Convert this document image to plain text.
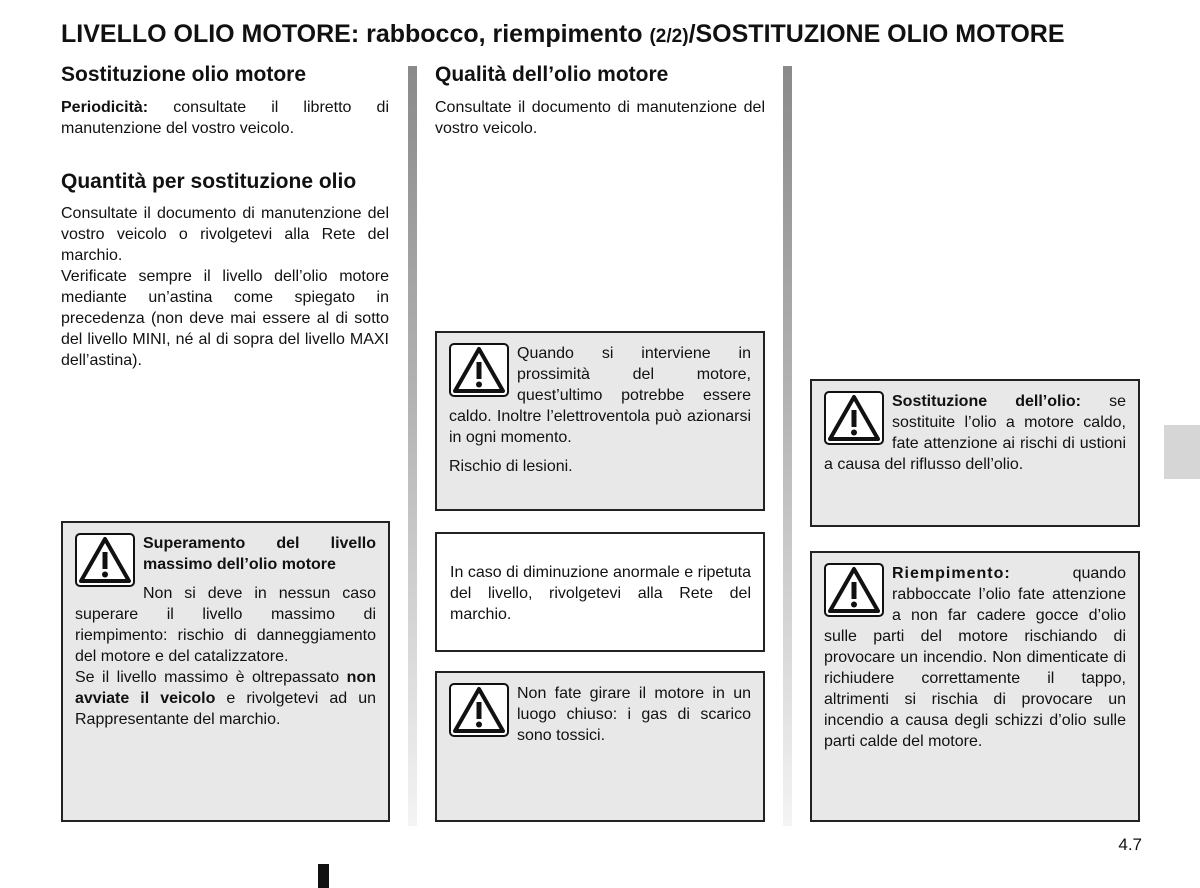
LIVELLO OLIO MOTORE: rabbocco, riempimento (2/2)/SOSTITUZIONE OLIO MOTORE
Sostituzione olio motore

Periodicità: consultate il libretto di manutenzione del vostro veicolo.

Quantità per sostituzione olio

Consultate il documento di manutenzione del vostro veicolo o rivolgetevi alla Rete del marchio.

Verificate sempre il livello dell’olio motore mediante un’astina come spiegato in precedenza (non deve mai essere al di sotto del livello MINI, né al di sopra del livello MAXI dell’astina).

Superamento del livello massimo dell’olio motore

Non si deve in nessun caso superare il livello massimo di riempimento: rischio di danneggiamento del motore e del catalizzatore.

Se il livello massimo è oltrepassato non avviate il veicolo e rivolgetevi ad un Rappresentante del marchio.

Qualità dell’olio motore
Consultate il documento di manutenzione del vostro veicolo.

Quando si interviene in prossimità del motore, quest’ultimo potrebbe essere caldo. Inoltre l’elettroventola può azionarsi in ogni momento.

Rischio di lesioni.

In caso di diminuzione anormale e ripetuta del livello, rivolgetevi alla Rete del marchio.

Non fate girare il motore in un luogo chiuso: i gas di scarico sono tossici.

Sostituzione dell’olio: se sostituite l’olio a motore caldo, fate attenzione ai rischi di ustioni a causa del riflusso dell’olio.

Riempimento: quando rabboccate l’olio fate attenzione a non far cadere gocce d’olio sulle parti del motore rischiando di provocare un incendio. Non dimenticate di richiudere correttamente il tappo, altrimenti si rischia di provocare un incendio a causa degli schizzi d’olio sulle parti calde del motore.

4.7
